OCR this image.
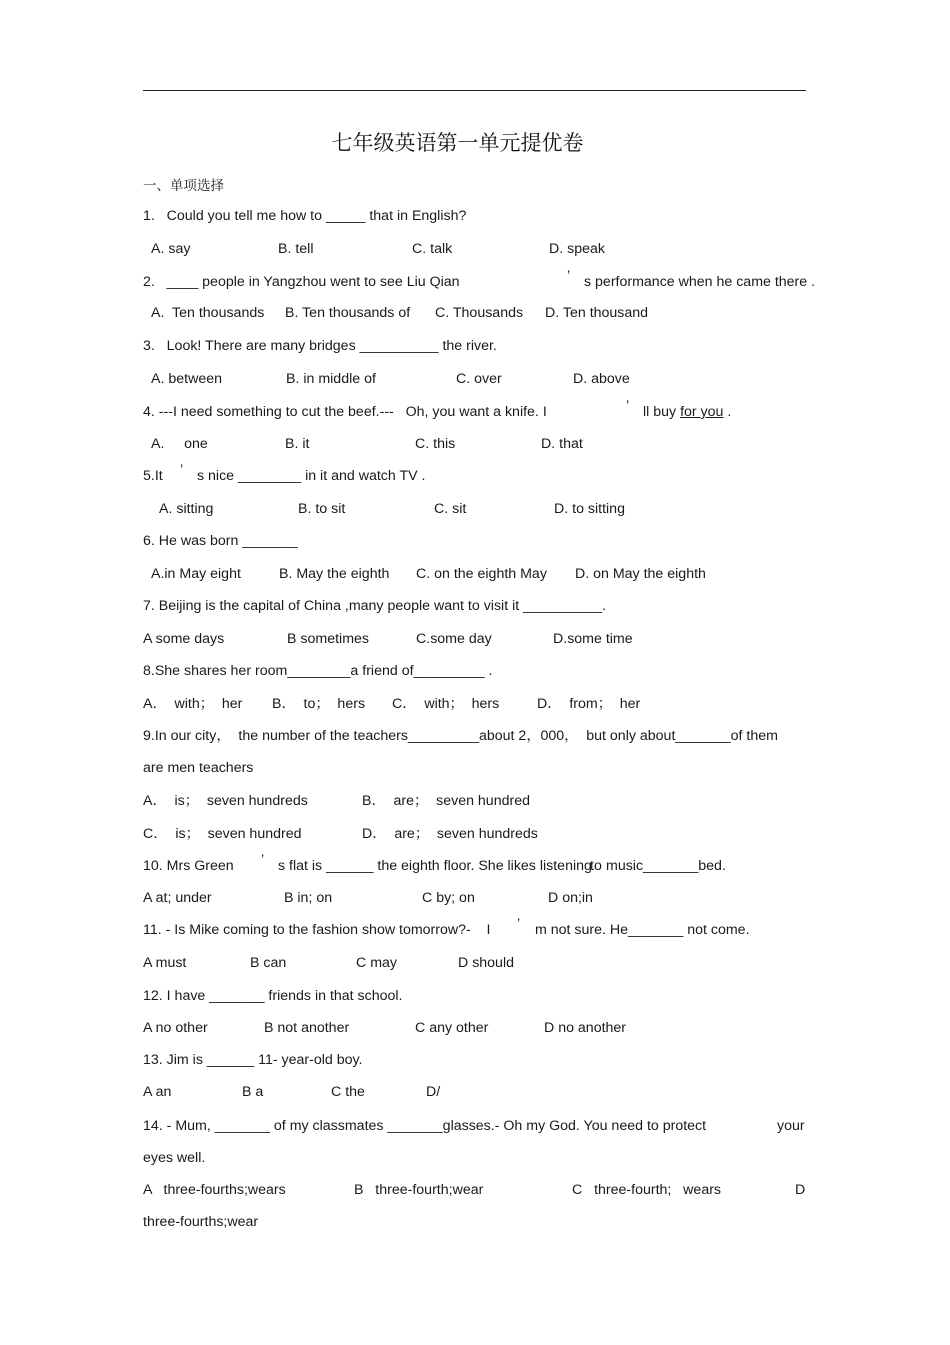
七年级英语第一单元提优卷
一、单项选择
1.   Could you tell me how to _____ that in English?
A. say	B. tell	C. talk	D. speak
2.   ____ people in Yangzhou went to see Liu Qian	’ s performance when he came there .
A.  Ten thousands B. Ten thousands of C. Thousands D. Ten thousand
3.   Look! There are many bridges __________ the river.
A. between	B. in middle of	C. over	D. above
4. ---I need something to cut the beef.---   Oh, you want a knife. I	’ ll buy for you .
A.     one	B. it	C. this	D. that
5.It ’ s nice ________ in it and watch TV .
A. sitting	B. to sit	C. sit	D. to sitting
6. He was born _______
A.in May eight	B. May the eighth C. on the eighth May D. on May the eighth
7. Beijing is the capital of China ,many people want to visit it __________.
A some days	B sometimes	C.some day	D.some time
8.She shares her room________a friend of_________ .
A．  with；  her B．  to；  hers C．  with；  hers	D．  from；  her
9.In our city，  the number of the teachers_________about 2，000，  but only about_______of them
are men teachers
A．  is；  seven hundreds	B．  are；  seven hundred
C．  is；  seven hundred	D．  are；  seven hundreds
10. Mrs Green ’ s flat is ______ the eighth floor. She likes listening
to music_______bed.
A at; under	B in; on	C by; on	D on;in
11. - Is Mike coming to the fashion show tomorrow?-    I ’ m not sure. He_______ not come.
A must	B can	C may	D should
12. I have _______ friends in that school.
A no other	B not another	C any other	D no another
13. Jim is ______ 11- year-old boy.
A an	B a	C the	D/
14. - Mum, _______ of my classmates _______glasses.- Oh my God. You need to protect	your
eyes well.
A   three-fourths;wears	B   three-fourth;wear	C   three-fourth;   wears	D
three-fourths;wear
